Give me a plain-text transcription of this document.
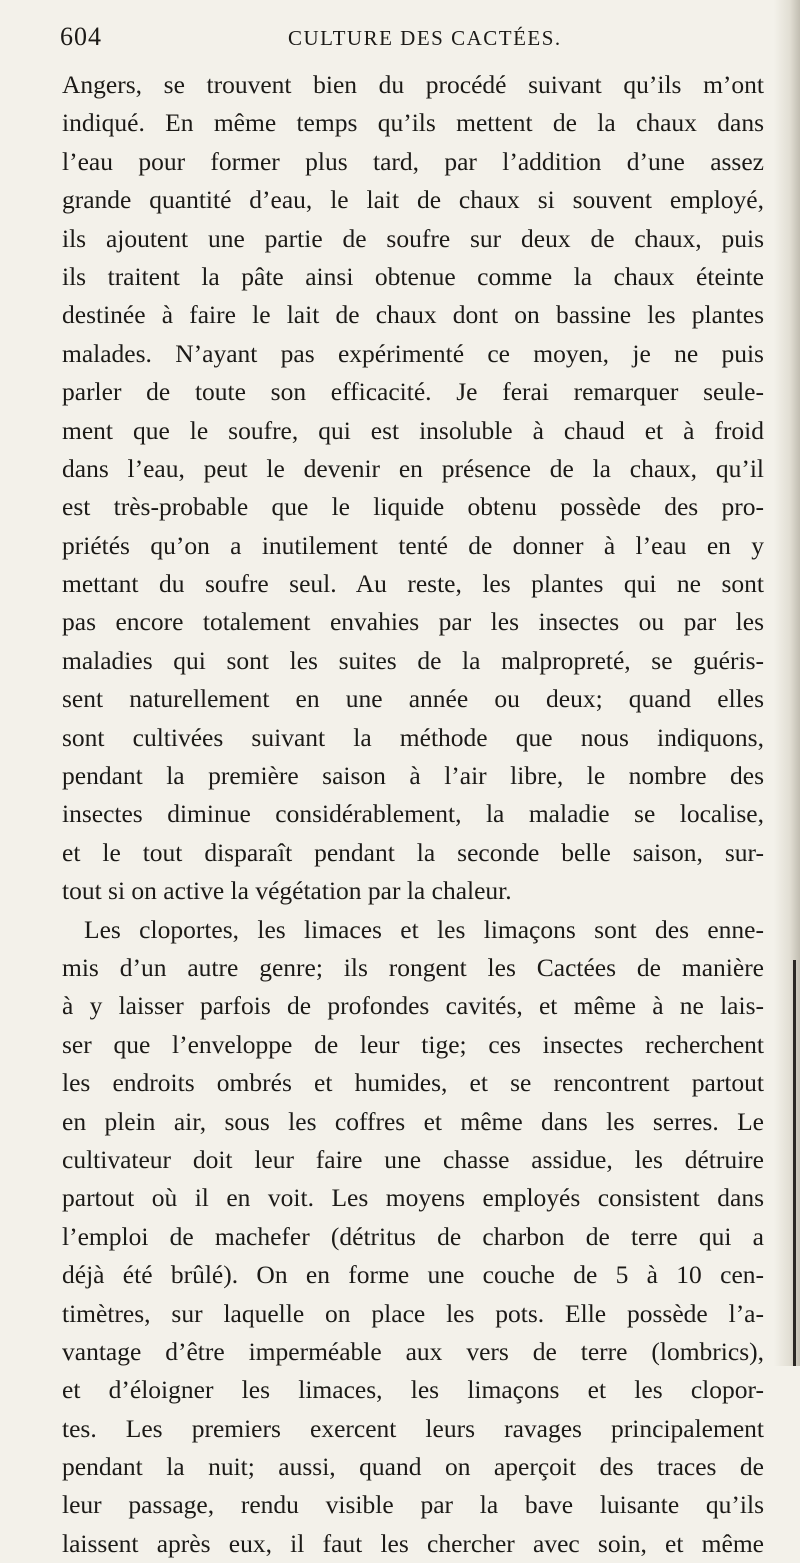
604	CULTURE DES CACTÉES.
Angers, se trouvent bien du procédé suivant qu’ils m’ont
indiqué. En même temps qu’ils mettent de la chaux dans
l’eau pour former plus tard, par l’addition d’une assez
grande quantité d’eau, le lait de chaux si souvent employé,
ils ajoutent une partie de soufre sur deux de chaux, puis
ils traitent la pâte ainsi obtenue comme la chaux éteinte
destinée à faire le lait de chaux dont on bassine les plantes
malades. N’ayant pas expérimenté ce moyen, je ne puis
parler de toute son efficacité. Je ferai remarquer seule-
ment que le soufre, qui est insoluble à chaud et à froid
dans l’eau, peut le devenir en présence de la chaux, qu’il
est très-probable que le liquide obtenu possède des pro-
priétés qu’on a inutilement tenté de donner à l’eau en y
mettant du soufre seul. Au reste, les plantes qui ne sont
pas encore totalement envahies par les insectes ou par les
maladies qui sont les suites de la malpropreté, se guéris-
sent naturellement en une année ou deux; quand elles
sont cultivées suivant la méthode que nous indiquons,
pendant la première saison à l’air libre, le nombre des
insectes diminue considérablement, la maladie se localise,
et le tout disparaît pendant la seconde belle saison, sur-
tout si on active la végétation par la chaleur.
Les cloportes, les limaces et les limaçons sont des enne-
mis d’un autre genre; ils rongent les Cactées de manière
à y laisser parfois de profondes cavités, et même à ne lais-
ser que l’enveloppe de leur tige; ces insectes recherchent
les endroits ombrés et humides, et se rencontrent partout
en plein air, sous les coffres et même dans les serres. Le
cultivateur doit leur faire une chasse assidue, les détruire
partout où il en voit. Les moyens employés consistent dans
l’emploi de machefer (détritus de charbon de terre qui a
déjà été brûlé). On en forme une couche de 5 à 10 cen-
timètres, sur laquelle on place les pots. Elle possède l’a-
vantage d’être imperméable aux vers de terre (lombrics),
et d’éloigner les limaces, les limaçons et les clopor-
tes. Les premiers exercent leurs ravages principalement
pendant la nuit; aussi, quand on aperçoit des traces de
leur passage, rendu visible par la bave luisante qu’ils
laissent après eux, il faut les chercher avec soin, et même
